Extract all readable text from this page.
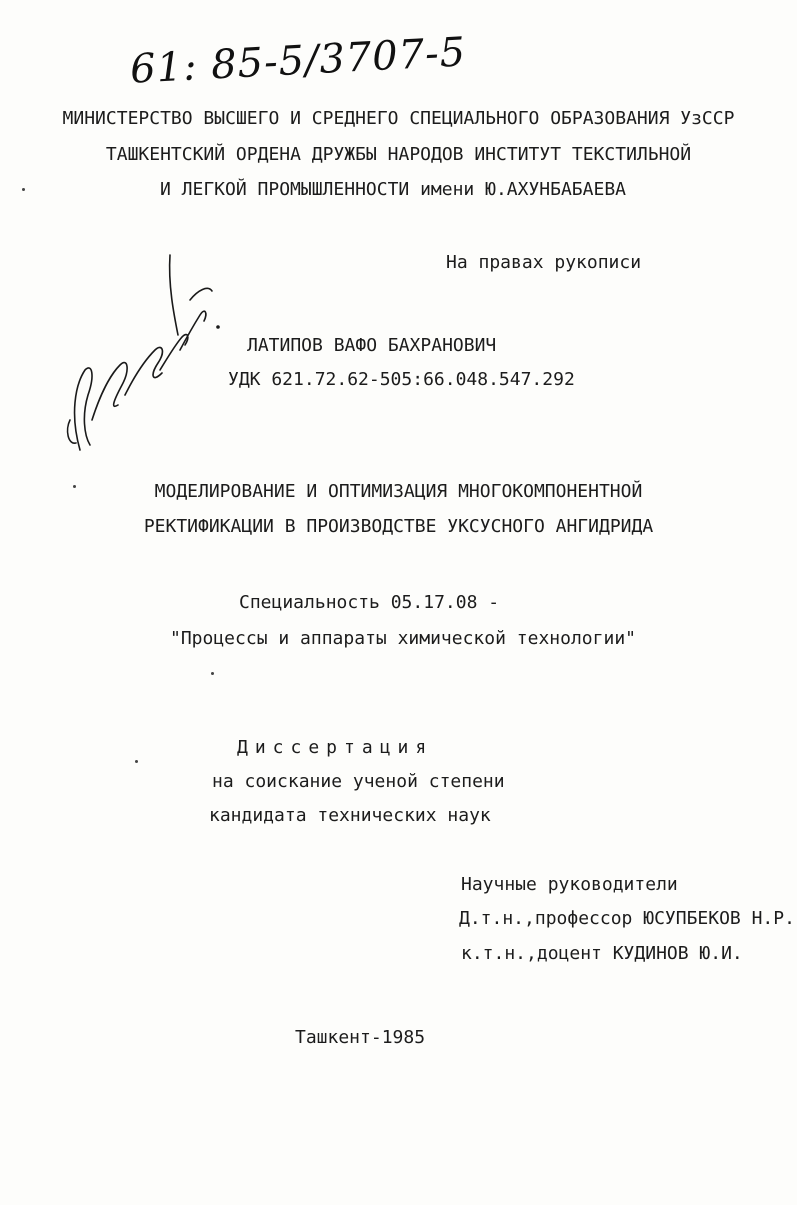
61: 85-5/3707-5
МИНИСТЕРСТВО ВЫСШЕГО И СРЕДНЕГО СПЕЦИАЛЬНОГО ОБРАЗОВАНИЯ УзССР
ТАШКЕНТСКИЙ ОРДЕНА ДРУЖБЫ НАРОДОВ ИНСТИТУТ ТЕКСТИЛЬНОЙ
И ЛЕГКОЙ ПРОМЫШЛЕННОСТИ имени Ю.АХУНБАБАЕВА
На правах рукописи
ЛАТИПОВ ВАФО БАХРАНОВИЧ
УДК 621.72.62-505:66.048.547.292
МОДЕЛИРОВАНИЕ И ОПТИМИЗАЦИЯ МНОГОКОМПОНЕНТНОЙ
РЕКТИФИКАЦИИ В ПРОИЗВОДСТВЕ УКСУСНОГО АНГИДРИДА
Специальность 05.17.08 -
"Процессы и аппараты химической технологии"
Диссертация
на соискание ученой степени
кандидата технических наук
Научные руководители
Д.т.н.,профессор ЮСУПБЕКОВ Н.Р.
к.т.н.,доцент КУДИНОВ Ю.И.
Ташкент-1985
